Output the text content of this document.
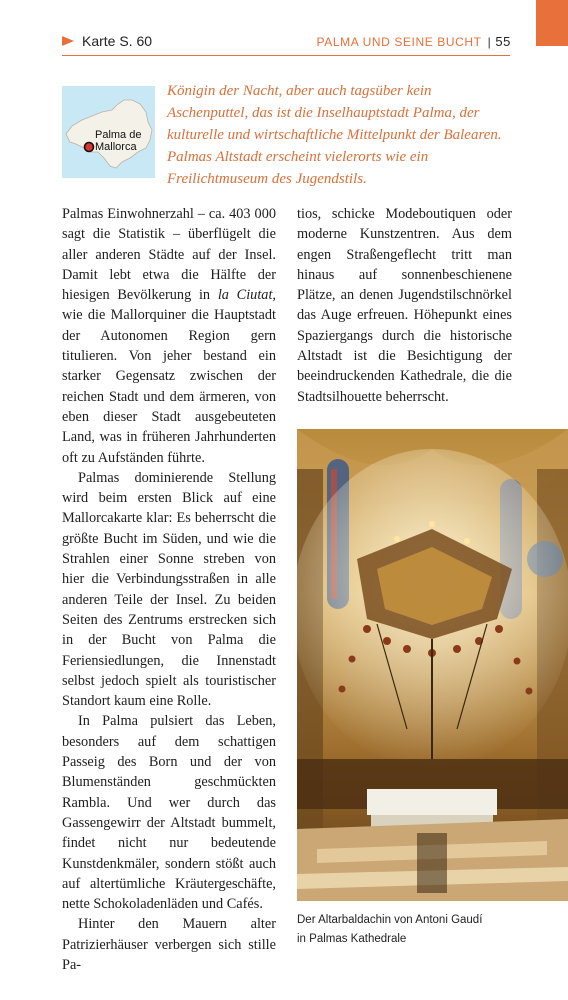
Karte S. 60	PALMA UND SEINE BUCHT | 55
Palma de
Mallorca
Königin der Nacht, aber auch tagsüber kein Aschenputtel, das ist die Inselhauptstadt Palma, der kulturelle und wirtschaftliche Mittelpunkt der Balearen. Palmas Altstadt erscheint vielerorts wie ein Freilichtmuseum des Jugendstils.

Palmas Einwohnerzahl – ca. 403 000 sagt die Statistik – überflügelt die aller anderen Städte auf der Insel. Damit lebt etwa die Hälfte der hiesigen Bevölkerung in la Ciutat, wie die Mallorquiner die Hauptstadt der Autonomen Region gern titulieren. Von jeher bestand ein starker Gegensatz zwischen der reichen Stadt und dem ärmeren, von eben dieser Stadt ausgebeuteten Land, was in früheren Jahrhunderten oft zu Aufständen führte.

Palmas dominierende Stellung wird beim ersten Blick auf eine Mallorcakarte klar: Es beherrscht die größte Bucht im Süden, und wie die Strahlen einer Sonne streben von hier die Verbindungsstraßen in alle anderen Teile der Insel. Zu beiden Seiten des Zentrums erstrecken sich in der Bucht von Palma die Feriensiedlungen, die Innenstadt selbst jedoch spielt als touristischer Standort kaum eine Rolle.

In Palma pulsiert das Leben, besonders auf dem schattigen Passeig des Born und der von Blumenständen geschmückten Rambla. Und wer durch das Gassengewirr der Altstadt bummelt, findet nicht nur bedeutende Kunstdenkmäler, sondern stößt auch auf altertümliche Kräutergeschäfte, nette Schokoladenläden und Cafés.

Hinter den Mauern alter Patrizierhäuser verbergen sich stille Pa-

tios, schicke Modeboutiquen oder moderne Kunstzentren. Aus dem engen Straßengeflecht tritt man hinaus auf sonnenbeschienene Plätze, an denen Jugendstilschnörkel das Auge erfreuen. Höhepunkt eines Spaziergangs durch die historische Altstadt ist die Besichtigung der beeindruckenden Kathedrale, die die Stadtsilhouette beherrscht.

Der Altarbaldachin von Antoni Gaudí
in Palmas Kathedrale
